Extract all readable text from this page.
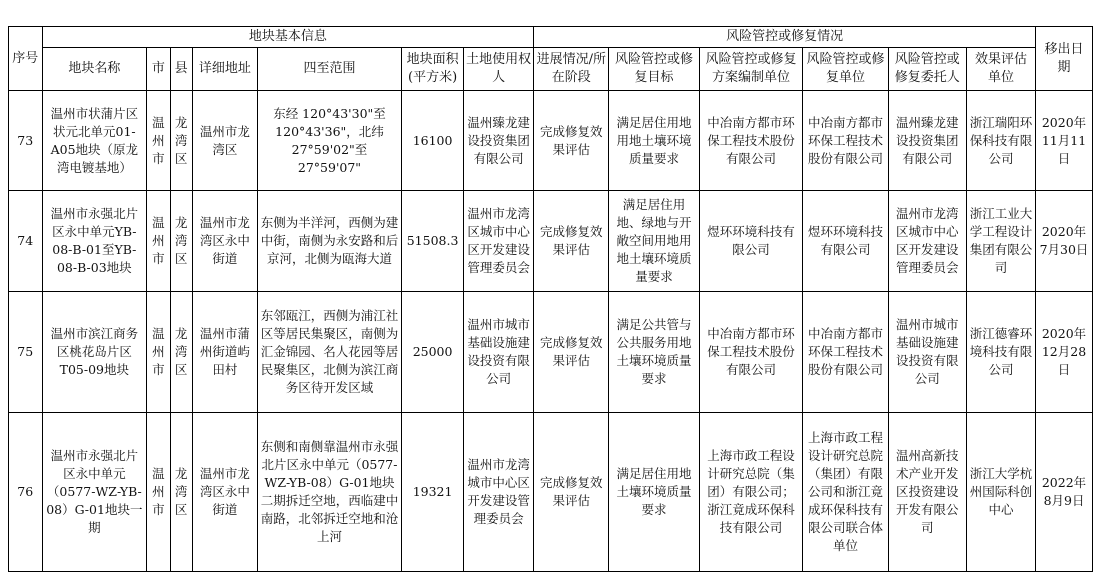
序号	地块基本信息							风险管控或修复情况						移出日期
	地块名称	市	县	详细地址	四至范围	地块面积(平方米)	土地使用权人	进展情况/所在阶段	风险管控或修复目标	风险管控或修复方案编制单位	风险管控或修复单位	风险管控或修复委托人	效果评估单位	
73	温州市状蒲片区状元北单元01-A05地块（原龙湾电镀基地）	温州市	龙湾区	温州市龙湾区	东经 120°43'30"至 120°43'36"，北纬 27°59'02"至 27°59'07"	16100	温州臻龙建设投资集团有限公司	完成修复效果评估	满足居住用地用地土壤环境质量要求	中冶南方都市环保工程技术股份有限公司	中冶南方都市环保工程技术股份有限公司	温州臻龙建设投资集团有限公司	浙江瑞阳环保科技有限公司	2020年11月11日
74	温州市永强北片区永中单元YB-08-B-01至YB-08-B-03地块	温州市	龙湾区	温州市龙湾区永中街道	东侧为半洋河，西侧为建中街，南侧为永安路和后京河，北侧为瓯海大道	51508.3	温州市龙湾区城市中心区开发建设管理委员会	完成修复效果评估	满足居住用地、绿地与开敞空间用地用地土壤环境质量要求	煜环环境科技有限公司	煜环环境科技有限公司	温州市龙湾区城市中心区开发建设管理委员会	浙江工业大学工程设计集团有限公司	2020年7月30日
75	温州市滨江商务区桃花岛片区T05-09地块	温州市	龙湾区	温州市蒲州街道屿田村	东邻瓯江，西侧为浦江社区等居民集聚区，南侧为汇金锦园、名人花园等居民聚集区，北侧为滨江商务区待开发区域	25000	温州市城市基础设施建设投资有限公司	完成修复效果评估	满足公共管与公共服务用地土壤环境质量要求	中冶南方都市环保工程技术股份有限公司	中冶南方都市环保工程技术股份有限公司	温州市城市基础设施建设投资有限公司	浙江德睿环境科技有限公司	2020年12月28日
76	温州市永强北片区永中单元（0577-WZ-YB-08）G-01地块一期	温州市	龙湾区	温州市龙湾区永中街道	东侧和南侧靠温州市永强北片区永中单元（0577-WZ-YB-08）G-01地块二期拆迁空地，西临建中南路，北邻拆迁空地和沧上河	19321	温州市龙湾城市中心区开发建设管理委员会	完成修复效果评估	满足居住用地土壤环境质量要求	上海市政工程设计研究总院（集团）有限公司；浙江竟成环保科技有限公司	上海市政工程设计研究总院（集团）有限公司和浙江竟成环保科技有限公司联合体单位	温州高新技术产业开发区投资建设开发有限公司	浙江大学杭州国际科创中心	2022年8月9日
